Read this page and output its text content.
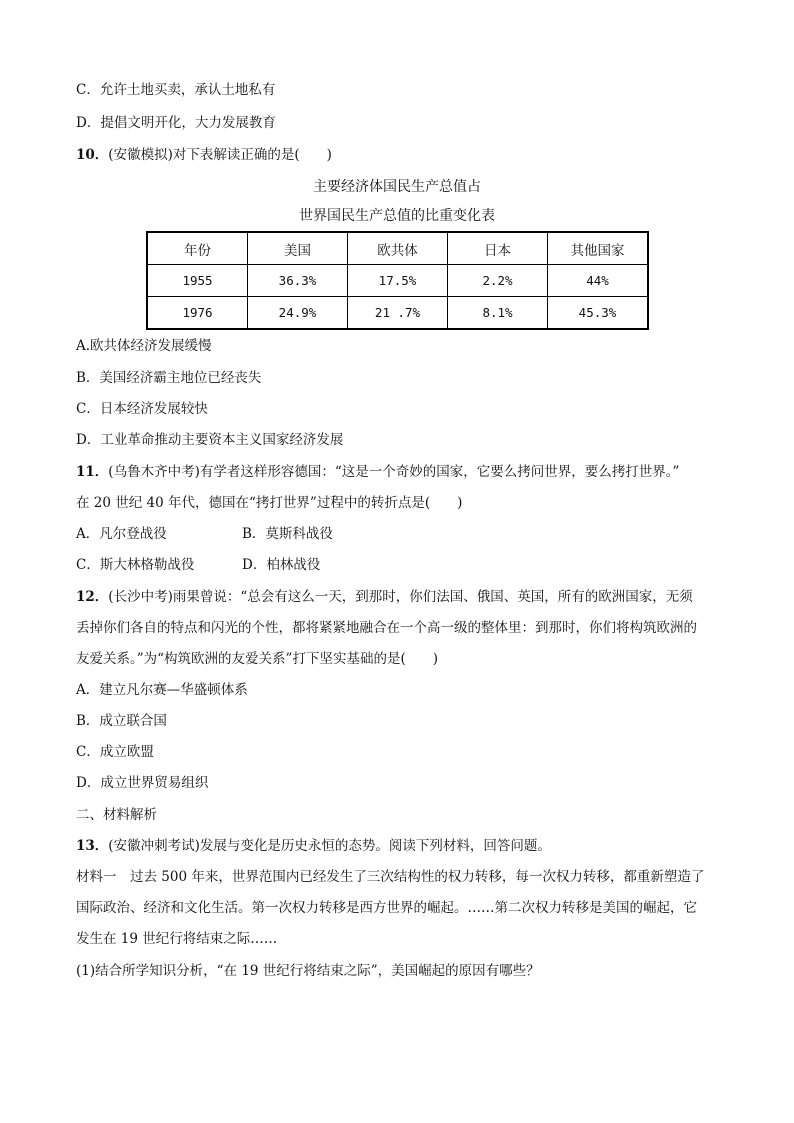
C．允许土地买卖，承认土地私有
D．提倡文明开化，大力发展教育
10．(安徽模拟)对下表解读正确的是(　　)
主要经济体国民生产总值占
世界国民生产总值的比重变化表
年份	美国	欧共体	日本	其他国家
1955	36.3%	17.5%	2.2%	44%
1976	24.9%	21 .7%	8.1%	45.3%
A.欧共体经济发展缓慢
B．美国经济霸主地位已经丧失
C．日本经济发展较快
D．工业革命推动主要资本主义国家经济发展
11．(乌鲁木齐中考)有学者这样形容德国：“这是一个奇妙的国家，它要么拷问世界，要么拷打世界。”
在 20 世纪 40 年代，德国在“拷打世界”过程中的转折点是(　　)
A．凡尔登战役	B．莫斯科战役
C．斯大林格勒战役	D．柏林战役
12．(长沙中考)雨果曾说：“总会有这么一天，到那时，你们法国、俄国、英国，所有的欧洲国家，无须
丢掉你们各自的特点和闪光的个性，都将紧紧地融合在一个高一级的整体里：到那时，你们将构筑欧洲的
友爱关系。”为“构筑欧洲的友爱关系”打下坚实基础的是(　　)
A．建立凡尔赛—华盛顿体系
B．成立联合国
C．成立欧盟
D．成立世界贸易组织
二、材料解析
13．(安徽冲刺考试)发展与变化是历史永恒的态势。阅读下列材料，回答问题。
材料一　过去 500 年来，世界范围内已经发生了三次结构性的权力转移，每一次权力转移，都重新塑造了
国际政治、经济和文化生活。第一次权力转移是西方世界的崛起。……第二次权力转移是美国的崛起，它
发生在 19 世纪行将结束之际……
(1)结合所学知识分析，“在 19 世纪行将结束之际”，美国崛起的原因有哪些？
